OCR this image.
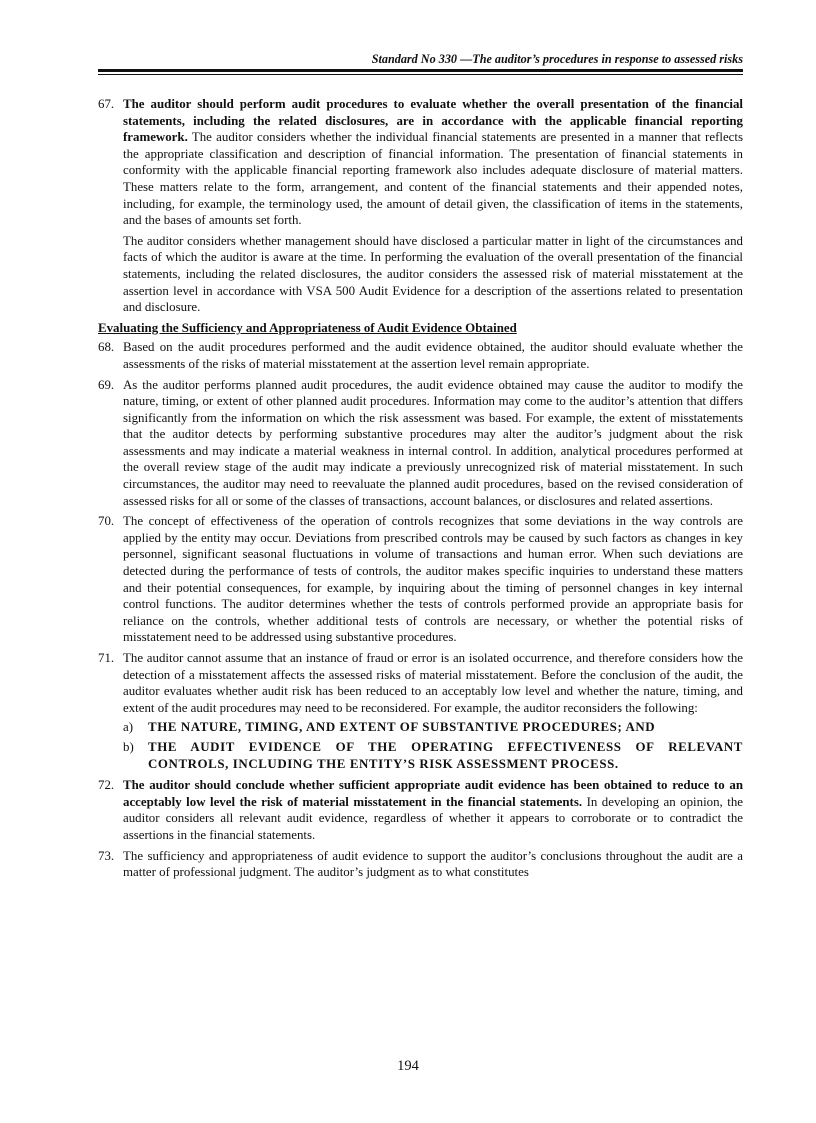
Standard No 330 —The auditor’s procedures in response to assessed risks
67. The auditor should perform audit procedures to evaluate whether the overall presentation of the financial statements, including the related disclosures, are in accordance with the applicable financial reporting framework. The auditor considers whether the individual financial statements are presented in a manner that reflects the appropriate classification and description of financial information. The presentation of financial statements in conformity with the applicable financial reporting framework also includes adequate disclosure of material matters. These matters relate to the form, arrangement, and content of the financial statements and their appended notes, including, for example, the terminology used, the amount of detail given, the classification of items in the statements, and the bases of amounts set forth.
The auditor considers whether management should have disclosed a particular matter in light of the circumstances and facts of which the auditor is aware at the time. In performing the evaluation of the overall presentation of the financial statements, including the related disclosures, the auditor considers the assessed risk of material misstatement at the assertion level in accordance with VSA 500 Audit Evidence for a description of the assertions related to presentation and disclosure.
Evaluating the Sufficiency and Appropriateness of Audit Evidence Obtained
68. Based on the audit procedures performed and the audit evidence obtained, the auditor should evaluate whether the assessments of the risks of material misstatement at the assertion level remain appropriate.
69. As the auditor performs planned audit procedures, the audit evidence obtained may cause the auditor to modify the nature, timing, or extent of other planned audit procedures. Information may come to the auditor’s attention that differs significantly from the information on which the risk assessment was based. For example, the extent of misstatements that the auditor detects by performing substantive procedures may alter the auditor’s judgment about the risk assessments and may indicate a material weakness in internal control. In addition, analytical procedures performed at the overall review stage of the audit may indicate a previously unrecognized risk of material misstatement. In such circumstances, the auditor may need to reevaluate the planned audit procedures, based on the revised consideration of assessed risks for all or some of the classes of transactions, account balances, or disclosures and related assertions.
70. The concept of effectiveness of the operation of controls recognizes that some deviations in the way controls are applied by the entity may occur. Deviations from prescribed controls may be caused by such factors as changes in key personnel, significant seasonal fluctuations in volume of transactions and human error. When such deviations are detected during the performance of tests of controls, the auditor makes specific inquiries to understand these matters and their potential consequences, for example, by inquiring about the timing of personnel changes in key internal control functions. The auditor determines whether the tests of controls performed provide an appropriate basis for reliance on the controls, whether additional tests of controls are necessary, or whether the potential risks of misstatement need to be addressed using substantive procedures.
71. The auditor cannot assume that an instance of fraud or error is an isolated occurrence, and therefore considers how the detection of a misstatement affects the assessed risks of material misstatement. Before the conclusion of the audit, the auditor evaluates whether audit risk has been reduced to an acceptably low level and whether the nature, timing, and extent of the audit procedures may need to be reconsidered. For example, the auditor reconsiders the following:
a) THE NATURE, TIMING, AND EXTENT OF SUBSTANTIVE PROCEDURES; AND
b) THE AUDIT EVIDENCE OF THE OPERATING EFFECTIVENESS OF RELEVANT CONTROLS, INCLUDING THE ENTITY’S RISK ASSESSMENT PROCESS.
72. The auditor should conclude whether sufficient appropriate audit evidence has been obtained to reduce to an acceptably low level the risk of material misstatement in the financial statements. In developing an opinion, the auditor considers all relevant audit evidence, regardless of whether it appears to corroborate or to contradict the assertions in the financial statements.
73. The sufficiency and appropriateness of audit evidence to support the auditor’s conclusions throughout the audit are a matter of professional judgment. The auditor’s judgment as to what constitutes
194
